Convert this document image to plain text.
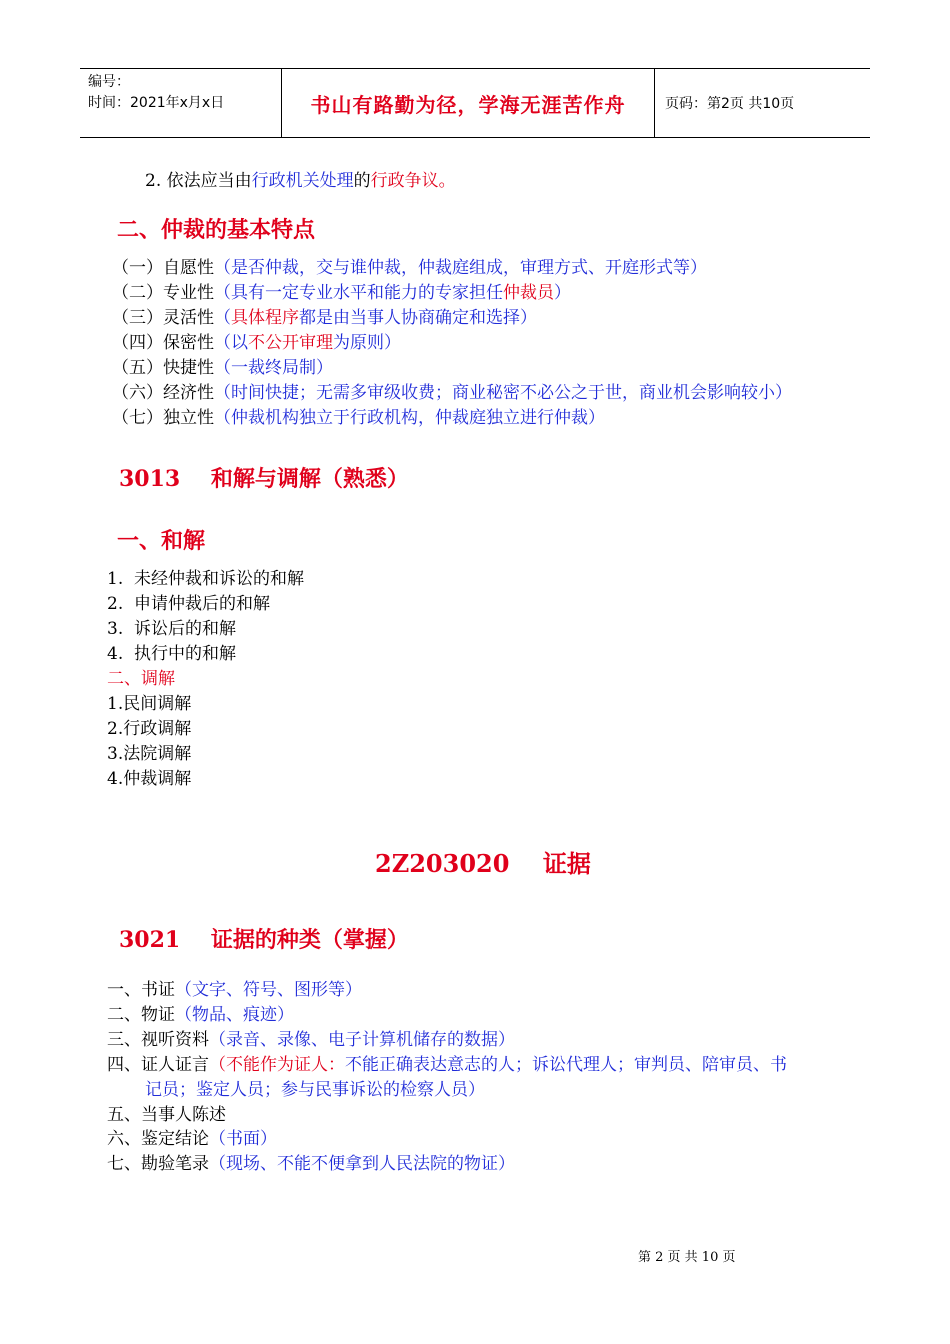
编号：
时间：2021年x月x日	书山有路勤为径，学海无涯苦作舟	页码：第2页 共10页
2. 依法应当由行政机关处理的行政争议。
二、仲裁的基本特点
（一）自愿性（是否仲裁，交与谁仲裁，仲裁庭组成，审理方式、开庭形式等）
（二）专业性（具有一定专业水平和能力的专家担任仲裁员）
（三）灵活性（具体程序都是由当事人协商确定和选择）
（四）保密性（以不公开审理为原则）
（五）快捷性（一裁终局制）
（六）经济性（时间快捷；无需多审级收费；商业秘密不必公之于世，商业机会影响较小）
（七）独立性（仲裁机构独立于行政机构，仲裁庭独立进行仲裁）
3013    和解与调解（熟悉）
一、和解
1.  未经仲裁和诉讼的和解
2.  申请仲裁后的和解
3.  诉讼后的和解
4.  执行中的和解
二、调解
1.民间调解
2.行政调解
3.法院调解
4.仲裁调解
2Z203020    证据
3021    证据的种类（掌握）
一、书证（文字、符号、图形等）
二、物证（物品、痕迹）
三、视听资料（录音、录像、电子计算机储存的数据）
四、证人证言（不能作为证人：不能正确表达意志的人；诉讼代理人；审判员、陪审员、书
记员；鉴定人员；参与民事诉讼的检察人员）
五、当事人陈述
六、鉴定结论（书面）
七、勘验笔录（现场、不能不便拿到人民法院的物证）
第 2 页 共 10 页
